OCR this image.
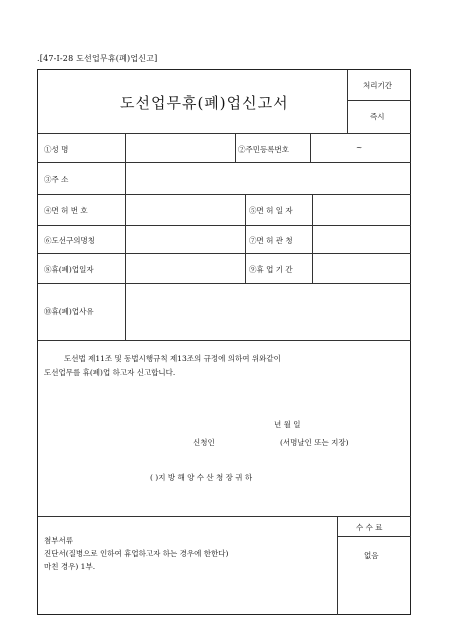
.[47-I-28 도선업무휴(폐)업신고]
도선업무휴(폐)업신고서
처리기간
즉시
①성 명	②주민등록번호	~
③주 소
④면 허 번 호	⑤면 허 일 자
⑥도선구의명칭	⑦면 허 관 청
⑧휴(폐)업일자	⑨휴 업 기 간
⑩휴(폐)업사유
도선법 제11조 및 동법시행규칙 제13조의 규정에 의하여 위와같이
도선업무를 휴(폐)업 하고자 신고합니다.
년 월 일
신청인	(서명날인 또는 지장)
( )지 방 해 양 수 산 청 장 귀 하
첨부서류
진단서(질병으로 인하여 휴업하고자 하는 경우에 한한다)
마친 경우) 1부.
수 수 료
없음
